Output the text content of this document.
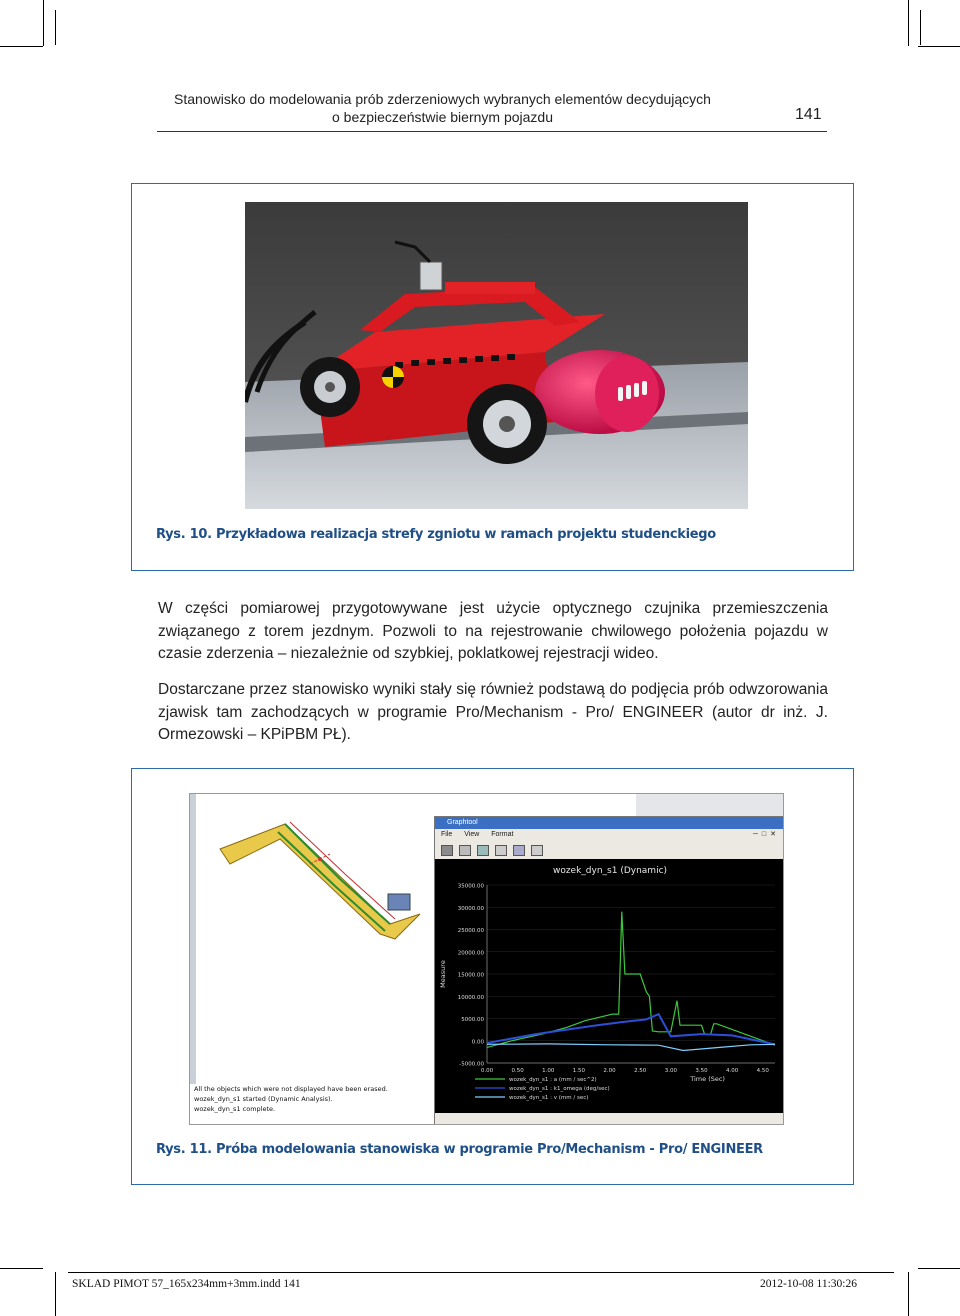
Stanowisko do modelowania prób zderzeniowych wybranych elementów decydujących
o bezpieczeństwie biernym pojazdu	141
Rys. 10. Przykładowa realizacja strefy zgniotu w ramach projektu studenckiego
W części pomiarowej przygotowywane jest użycie optycznego czujnika przemieszczenia związanego z torem jezdnym. Pozwoli to na rejestrowanie chwilowego położenia pojazdu w czasie zderzenia – niezależnie od szybkiej, poklatkowej rejestracji wideo.
Dostarczane przez stanowisko wyniki stały się również podstawą do podjęcia prób odwzorowania zjawisk tam zachodzących w programie Pro/Mechanism - Pro/ ENGINEER (autor dr inż. J. Ormezowski – KPiPBM PŁ).
All the objects which were not displayed have been erased.
wozek_dyn_s1 started (Dynamic Analysis).
wozek_dyn_s1 complete.
Graphtool
File View Format	─□✕
wozek_dyn_s1 (Dynamic)
35000.00
30000.00
25000.00
20000.00
15000.00
10000.00
5000.00
0.00
-5000.00
0.00	0.50	1.00	1.50	2.00	2.50	3.00	3.50	4.00	4.50
Measure
Time (Sec)
wozek_dyn_s1 : a (mm / sec^2)
wozek_dyn_s1 : k1_omega (deg/sec)
wozek_dyn_s1 : v (mm / sec)
Rys. 11. Próba modelowania stanowiska w programie Pro/Mechanism - Pro/ ENGINEER
SKLAD PIMOT 57_165x234mm+3mm.indd 141	2012-10-08 11:30:26
